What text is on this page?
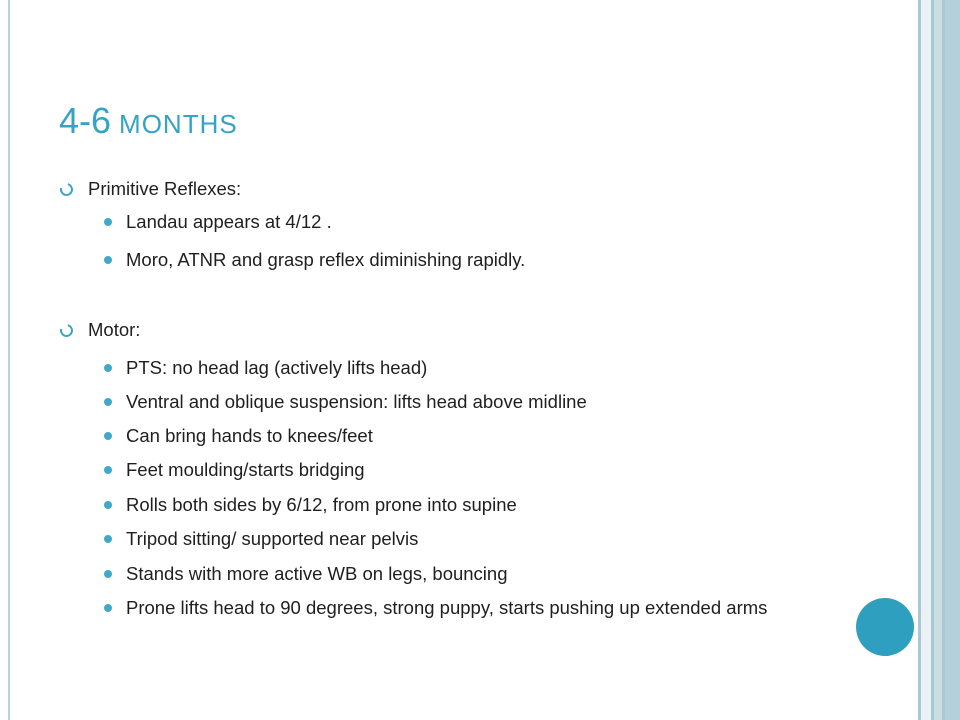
4-6 MONTHS
Primitive Reflexes:
Landau appears at 4/12 .
Moro, ATNR and grasp reflex diminishing rapidly.
Motor:
PTS: no head lag (actively lifts head)
Ventral and oblique suspension: lifts head above midline
Can bring hands to knees/feet
Feet moulding/starts bridging
Rolls both sides by 6/12, from prone into supine
Tripod sitting/ supported near pelvis
Stands with more active WB on legs, bouncing
Prone lifts head to 90 degrees, strong puppy, starts pushing up extended arms
